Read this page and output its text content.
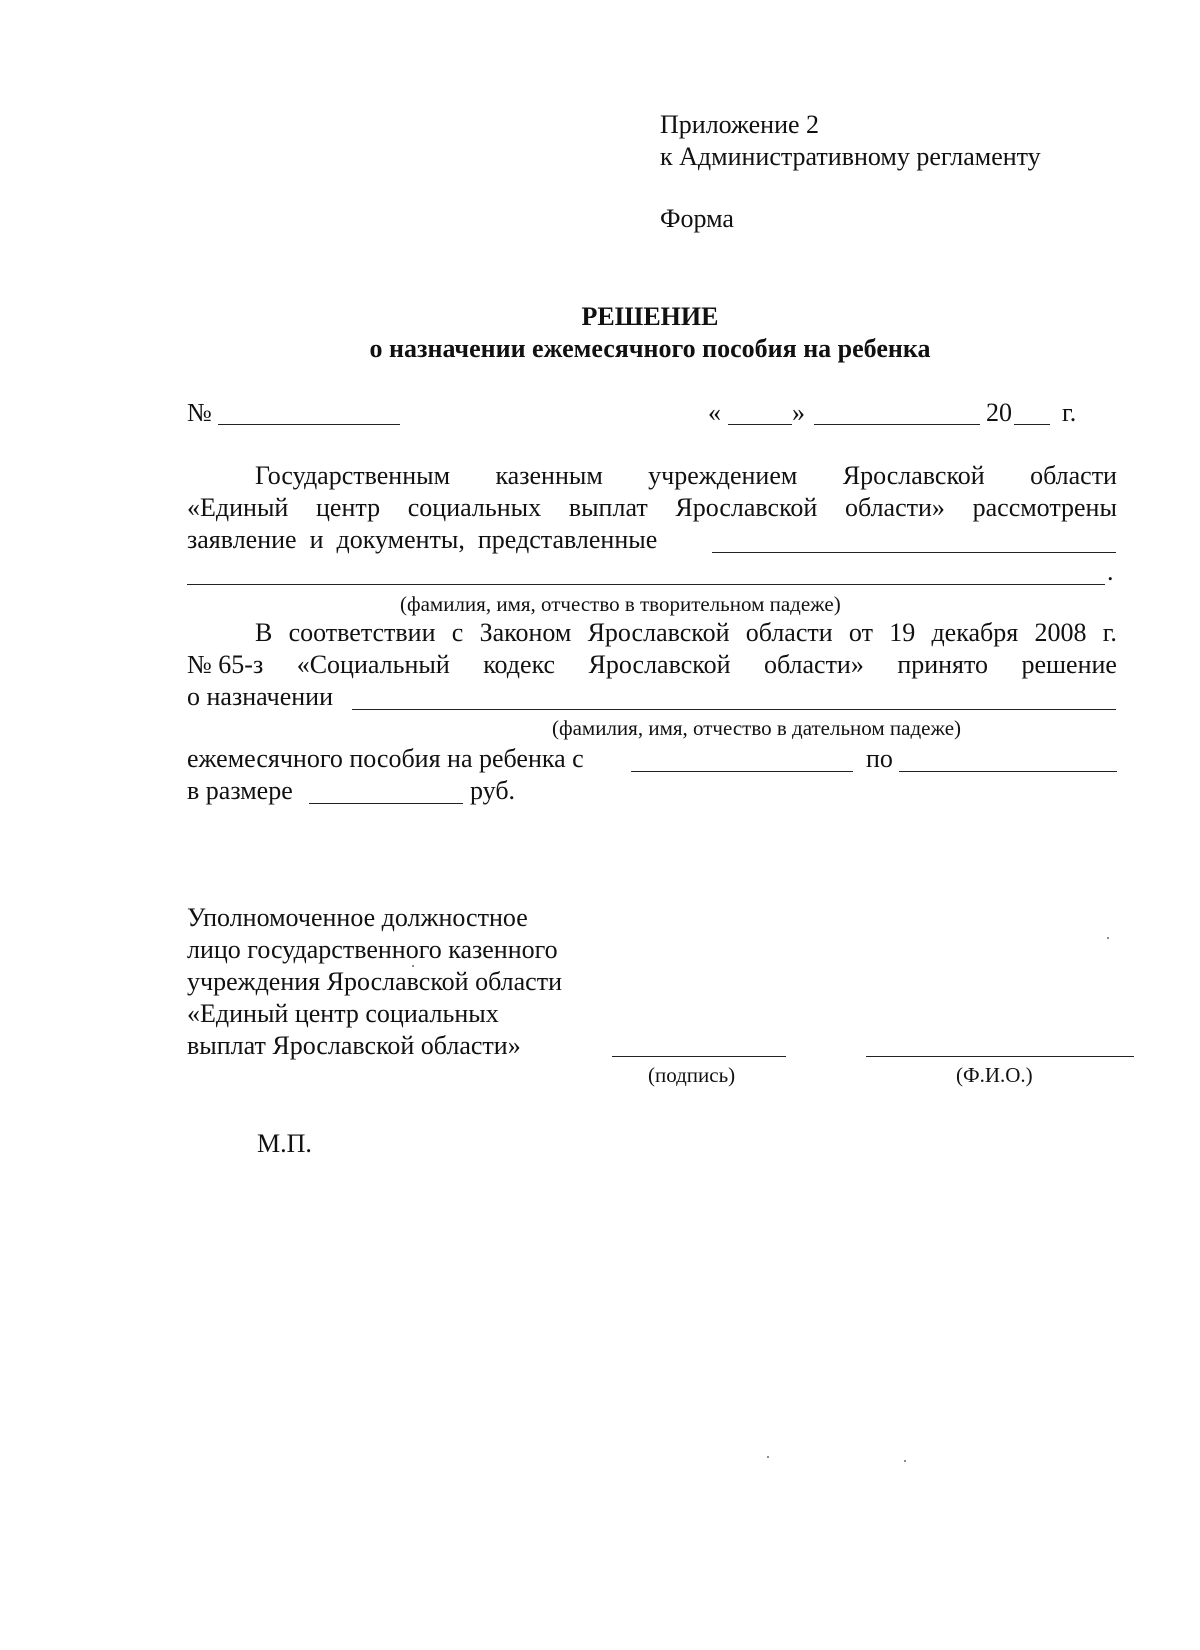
Приложение 2
к Административному регламенту
Форма
РЕШЕНИЕ
о назначении ежемесячного пособия на ребенка
№	«	»	20 г.
Государственным казенным учреждением Ярославской области
«Единый центр социальных выплат Ярославской области» рассмотрены
заявление  и  документы,  представленные
.
(фамилия, имя, отчество в творительном падеже)
В соответствии с Законом Ярославской области от 19 декабря 2008 г.
№ 65-з «Социальный кодекс Ярославской области» принято решение
о назначении
(фамилия, имя, отчество в дательном падеже)
ежемесячного пособия на ребенка с	по
в размере	руб.
Уполномоченное должностное
лицо государственного казенного
учреждения Ярославской области
«Единый центр социальных
выплат Ярославской области»
(подпись)	(Ф.И.О.)
М.П.
